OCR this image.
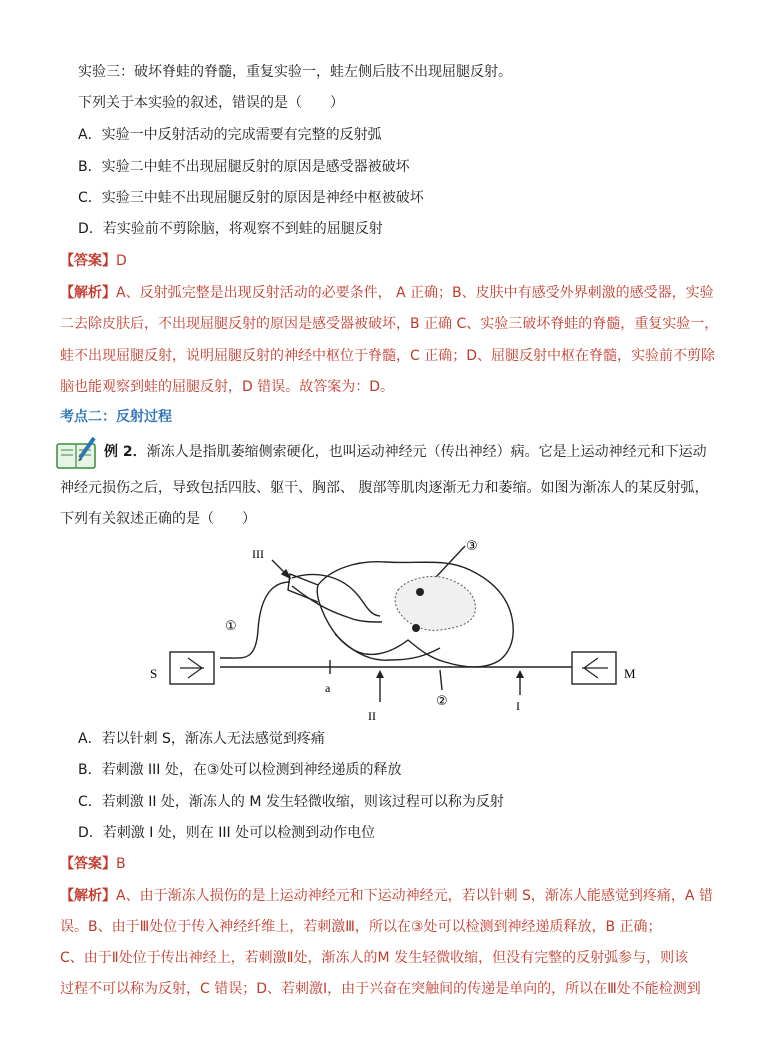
实验三：破坏脊蛙的脊髓，重复实验一，蛙左侧后肢不出现屈腿反射。
下列关于本实验的叙述，错误的是（　　）
A．实验一中反射活动的完成需要有完整的反射弧
B．实验二中蛙不出现屈腿反射的原因是感受器被破坏
C．实验三中蛙不出现屈腿反射的原因是神经中枢被破坏
D．若实验前不剪除脑，将观察不到蛙的屈腿反射
【答案】D
【解析】A、反射弧完整是出现反射活动的必要条件， A 正确；B、皮肤中有感受外界刺激的感受器，实验
二去除皮肤后，不出现屈腿反射的原因是感受器被破坏，B 正确 C、实验三破坏脊蛙的脊髓，重复实验一，
蛙不出现屈腿反射，说明屈腿反射的神经中枢位于脊髓，C 正确；D、屈腿反射中枢在脊髓，实验前不剪除
脑也能观察到蛙的屈腿反射，D 错误。故答案为：D。
考点二：反射过程
例 2．渐冻人是指肌萎缩侧索硬化，也叫运动神经元（传出神经）病。它是上运动神经元和下运动
神经元损伤之后，导致包括四肢、躯干、胸部、 腹部等肌肉逐渐无力和萎缩。如图为渐冻人的某反射弧，
下列有关叙述正确的是（　　）
S	M
a
III
II
I
①
②
③
A．若以针刺 S，渐冻人无法感觉到疼痛
B．若刺激 III 处，在③处可以检测到神经递质的释放
C．若刺激 II 处，渐冻人的 M 发生轻微收缩，则该过程可以称为反射
D．若刺激 I 处，则在 III 处可以检测到动作电位
【答案】B
【解析】A、由于渐冻人损伤的是上运动神经元和下运动神经元，若以针刺 S，渐冻人能感觉到疼痛，A 错
误。B、由于Ⅲ处位于传入神经纤维上，若刺激Ⅲ，所以在③处可以检测到神经递质释放，B 正确；
C、由于Ⅱ处位于传出神经上，若刺激Ⅱ处，渐冻人的M 发生轻微收缩，但没有完整的反射弧参与，则该
过程不可以称为反射，C 错误；D、若刺激Ⅰ，由于兴奋在突触间的传递是单向的，所以在Ⅲ处不能检测到
